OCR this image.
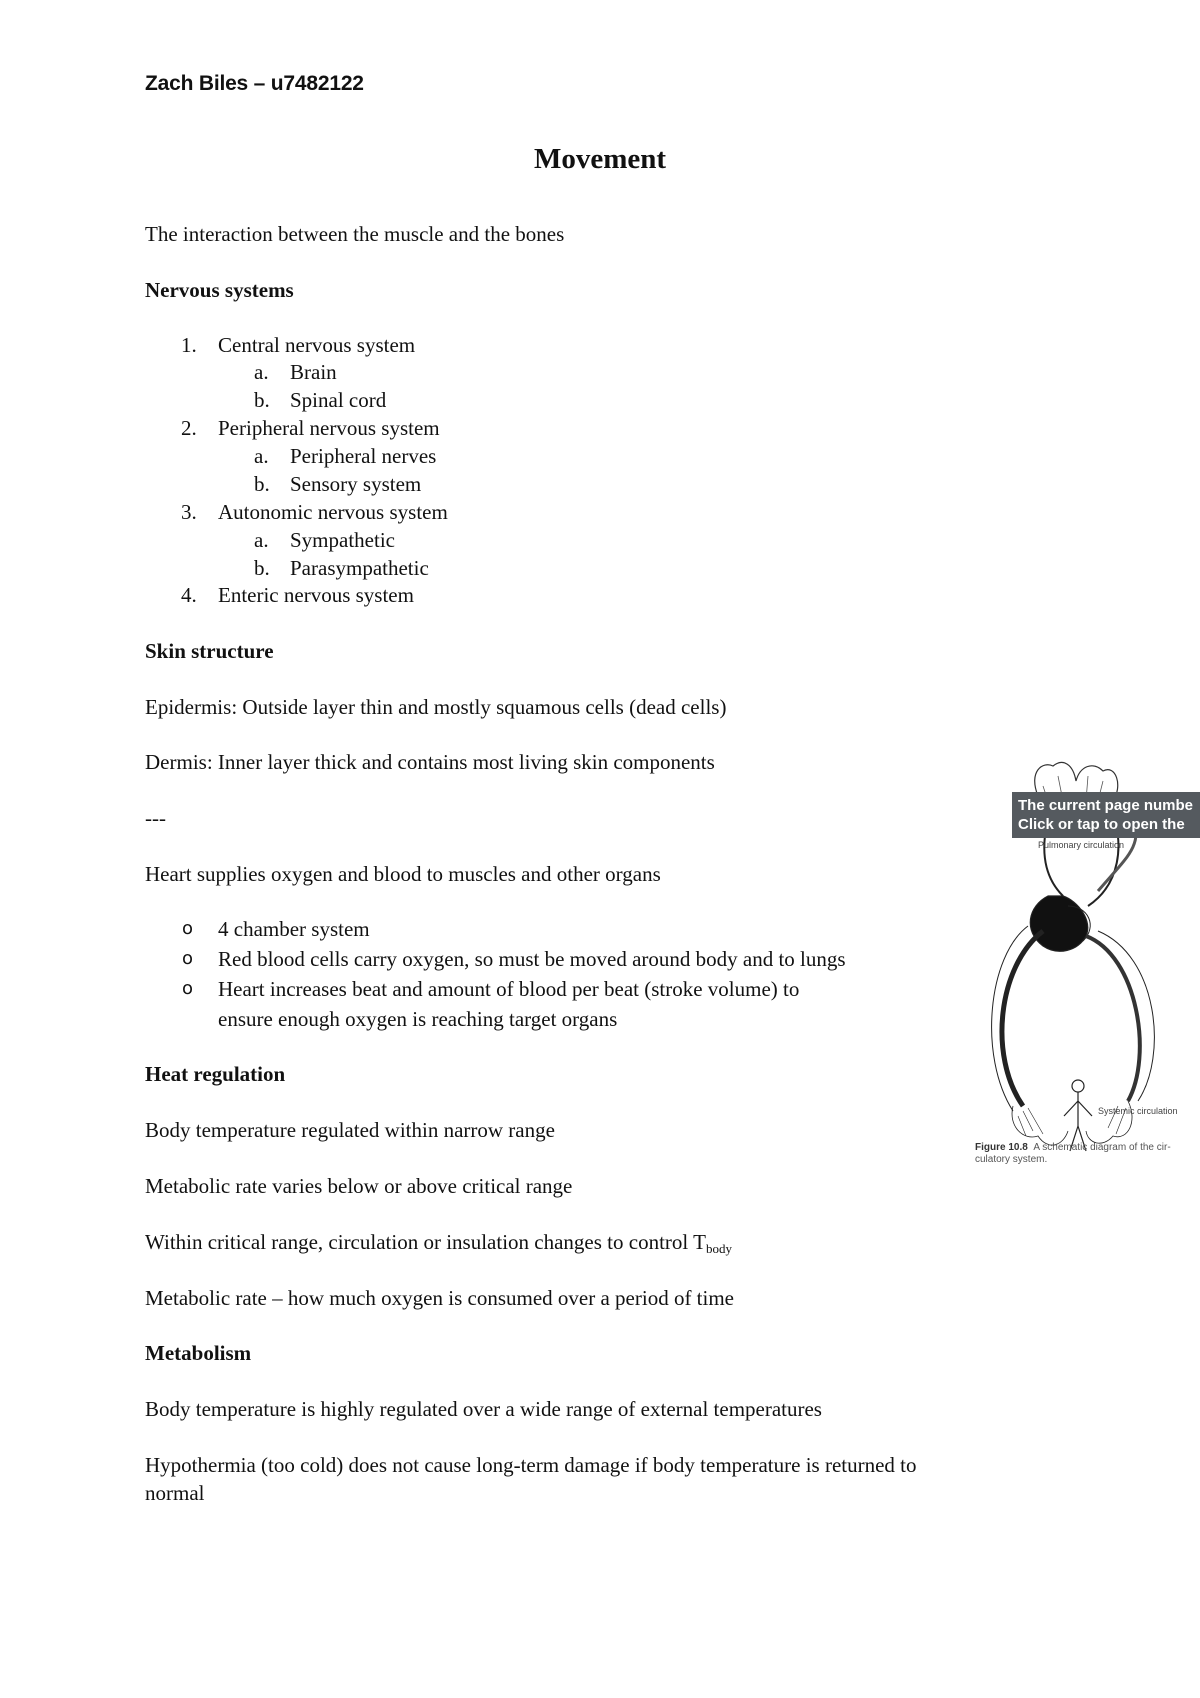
Zach Biles – u7482122
Movement
The interaction between the muscle and the bones
Nervous systems
1. Central nervous system
a. Brain
b. Spinal cord
2. Peripheral nervous system
a. Peripheral nerves
b. Sensory system
3. Autonomic nervous system
a. Sympathetic
b. Parasympathetic
4. Enteric nervous system
Skin structure
Epidermis: Outside layer thin and mostly squamous cells (dead cells)
Dermis: Inner layer thick and contains most living skin components
---
Heart supplies oxygen and blood to muscles and other organs
o 4 chamber system
o Red blood cells carry oxygen, so must be moved around body and to lungs
o Heart increases beat and amount of blood per beat (stroke volume) to
ensure enough oxygen is reaching target organs
Heat regulation
Body temperature regulated within narrow range
Metabolic rate varies below or above critical range
Within critical range, circulation or insulation changes to control $T_{body}$
Metabolic rate – how much oxygen is consumed over a period of time
Metabolism
Body temperature is highly regulated over a wide range of external temperatures
Hypothermia (too cold) does not cause long-term damage if body temperature is returned to
normal
Pulmonary circulation
Systemic circulation
The current page numbe
Click or tap to open the
Figure 10.8 A schematic diagram of the cir-
culatory system.
